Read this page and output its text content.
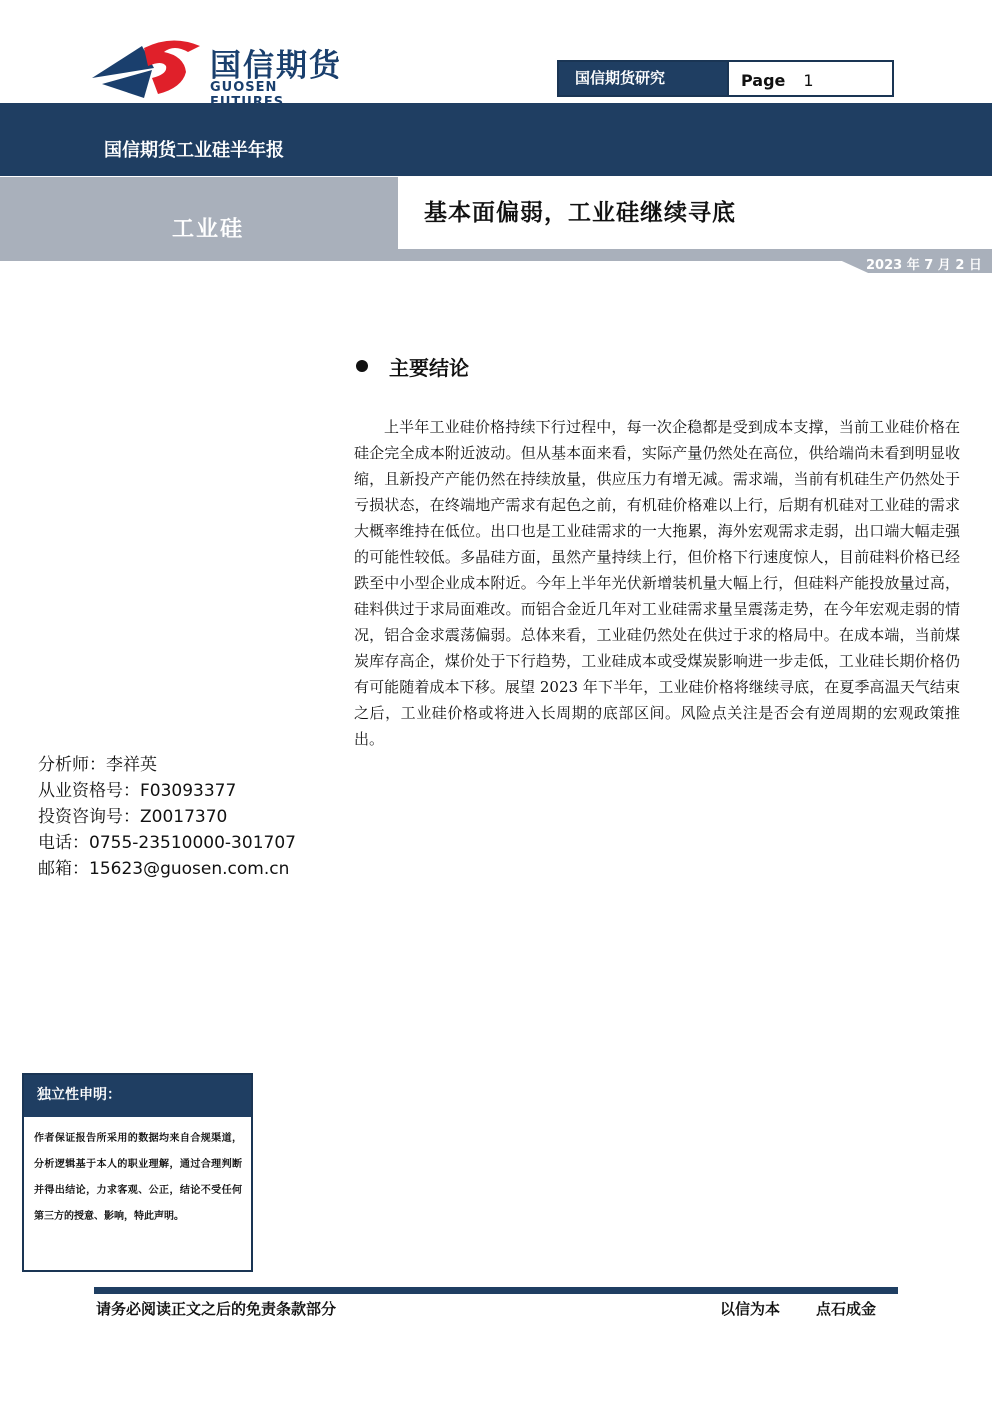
国信期货
GUOSEN
国信期货研究	Page 1
国信期货工业硅半年报
工业硅
基本面偏弱，工业硅继续寻底
2023 年 7 月 2 日
主要结论

上半年工业硅价格持续下行过程中，每一次企稳都是受到成本支撑，当前工业硅价格在硅企完全成本附近波动。但从基本面来看，实际产量仍然处在高位，供给端尚未看到明显收缩，且新投产产能仍然在持续放量，供应压力有增无减。需求端，当前有机硅生产仍然处于亏损状态，在终端地产需求有起色之前，有机硅价格难以上行，后期有机硅对工业硅的需求大概率维持在低位。出口也是工业硅需求的一大拖累，海外宏观需求走弱，出口端大幅走强的可能性较低。多晶硅方面，虽然产量持续上行，但价格下行速度惊人，目前硅料价格已经跌至中小型企业成本附近。今年上半年光伏新增装机量大幅上行，但硅料产能投放量过高，硅料供过于求局面难改。而铝合金近几年对工业硅需求量呈震荡走势，在今年宏观走弱的情况，铝合金求震荡偏弱。总体来看，工业硅仍然处在供过于求的格局中。在成本端，当前煤炭库存高企，煤价处于下行趋势，工业硅成本或受煤炭影响进一步走低，工业硅长期价格仍有可能随着成本下移。展望 2023 年下半年，工业硅价格将继续寻底，在夏季高温天气结束之后，工业硅价格或将进入长周期的底部区间。风险点关注是否会有逆周期的宏观政策推出。

分析师：李祥英
从业资格号：F03093377
投资咨询号：Z0017370
电话：0755-23510000-301707
邮箱：15623@guosen.com.cn
独立性申明：

作者保证报告所采用的数据均来自合规渠道，分析逻辑基于本人的职业理解，通过合理判断 并得出结论，力求客观、公正，结论不受任何第三方的授意、影响，特此声明。

请务必阅读正文之后的免责条款部分	以信为本 点石成金
